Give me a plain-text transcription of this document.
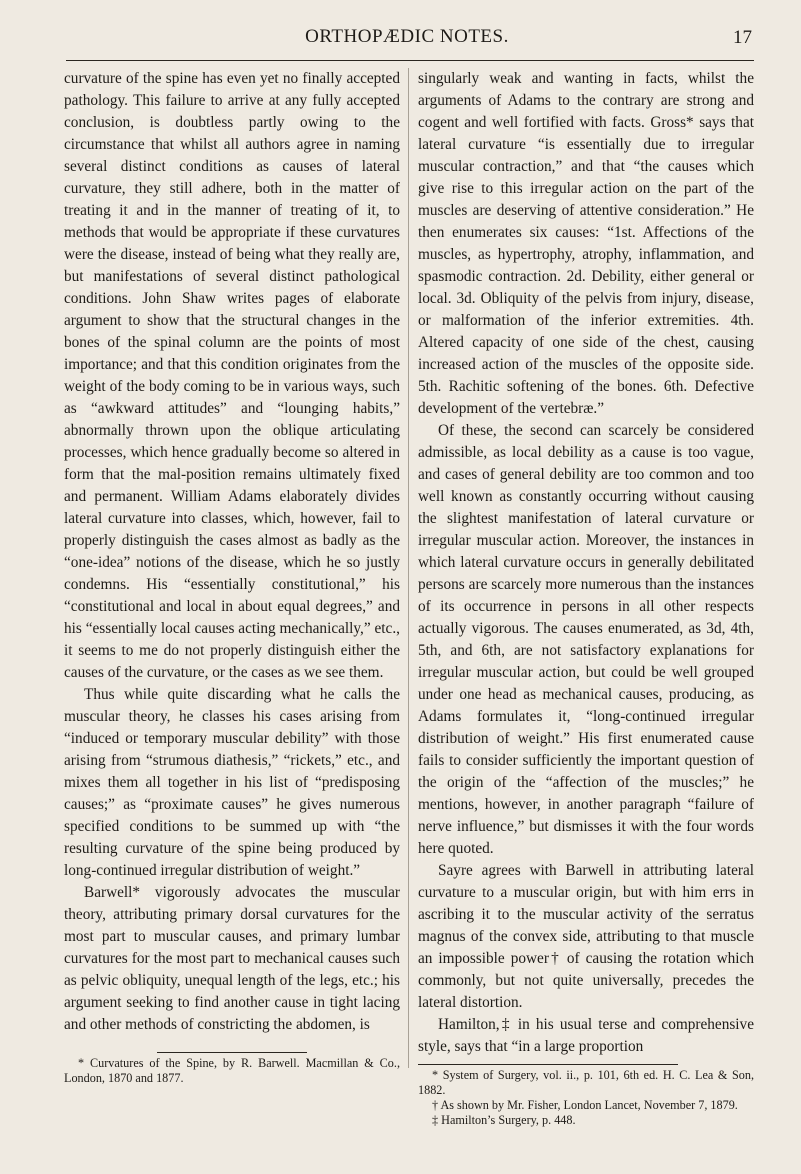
ORTHOPÆDIC NOTES.	17

curvature of the spine has even yet no finally accepted pathology. This failure to arrive at any fully accepted conclusion, is doubtless partly owing to the circumstance that whilst all authors agree in naming several distinct conditions as causes of lateral curvature, they still adhere, both in the matter of treating it and in the manner of treating of it, to methods that would be appropriate if these curvatures were the disease, instead of being what they really are, but manifestations of several distinct pathological conditions. John Shaw writes pages of elaborate argument to show that the structural changes in the bones of the spinal column are the points of most importance; and that this condition originates from the weight of the body coming to be in various ways, such as “awkward attitudes” and “lounging habits,” abnormally thrown upon the oblique articulating processes, which hence gradually become so altered in form that the mal-position remains ultimately fixed and permanent. William Adams elaborately divides lateral curvature into classes, which, however, fail to properly distinguish the cases almost as badly as the “one-idea” notions of the disease, which he so justly condemns. His “essentially constitutional,” his “constitutional and local in about equal degrees,” and his “essentially local causes acting mechanically,” etc., it seems to me do not properly distinguish either the causes of the curvature, or the cases as we see them.

Thus while quite discarding what he calls the muscular theory, he classes his cases arising from “induced or temporary muscular debility” with those arising from “strumous diathesis,” “rickets,” etc., and mixes them all together in his list of “predisposing causes;” as “proximate causes” he gives numerous specified conditions to be summed up with “the resulting curvature of the spine being produced by long-continued irregular distribution of weight.”

Barwell* vigorously advocates the muscular theory, attributing primary dorsal curvatures for the most part to muscular causes, and primary lumbar curvatures for the most part to mechanical causes such as pelvic obliquity, unequal length of the legs, etc.; his argument seeking to find another cause in tight lacing and other methods of constricting the abdomen, is

* Curvatures of the Spine, by R. Barwell. Macmillan & Co., London, 1870 and 1877.

singularly weak and wanting in facts, whilst the arguments of Adams to the contrary are strong and cogent and well fortified with facts. Gross* says that lateral curvature “is essentially due to irregular muscular contraction,” and that “the causes which give rise to this irregular action on the part of the muscles are deserving of attentive consideration.” He then enumerates six causes: “1st. Affections of the muscles, as hypertrophy, atrophy, inflammation, and spasmodic contraction. 2d. Debility, either general or local. 3d. Obliquity of the pelvis from injury, disease, or malformation of the inferior extremities. 4th. Altered capacity of one side of the chest, causing increased action of the muscles of the opposite side. 5th. Rachitic softening of the bones. 6th. Defective development of the vertebræ.”

Of these, the second can scarcely be considered admissible, as local debility as a cause is too vague, and cases of general debility are too common and too well known as constantly occurring without causing the slightest manifestation of lateral curvature or irregular muscular action. Moreover, the instances in which lateral curvature occurs in generally debilitated persons are scarcely more numerous than the instances of its occurrence in persons in all other respects actually vigorous. The causes enumerated, as 3d, 4th, 5th, and 6th, are not satisfactory explanations for irregular muscular action, but could be well grouped under one head as mechanical causes, producing, as Adams formulates it, “long-continued irregular distribution of weight.” His first enumerated cause fails to consider sufficiently the important question of the origin of the “affection of the muscles;” he mentions, however, in another paragraph “failure of nerve influence,” but dismisses it with the four words here quoted.

Sayre agrees with Barwell in attributing lateral curvature to a muscular origin, but with him errs in ascribing it to the muscular activity of the serratus magnus of the convex side, attributing to that muscle an impossible power† of causing the rotation which commonly, but not quite universally, precedes the lateral distortion.

Hamilton,‡ in his usual terse and comprehensive style, says that “in a large proportion

* System of Surgery, vol. ii., p. 101, 6th ed. H. C. Lea & Son, 1882.

† As shown by Mr. Fisher, London Lancet, November 7, 1879.

‡ Hamilton’s Surgery, p. 448.
